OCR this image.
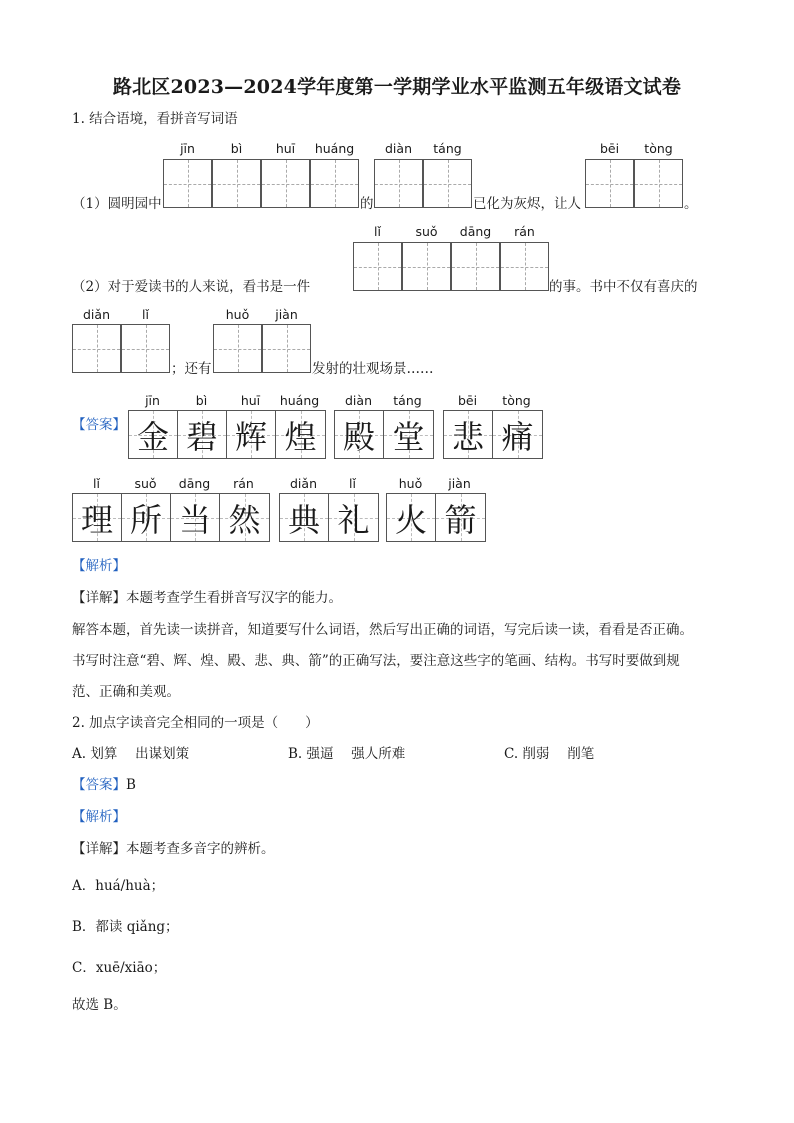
路北区2023—2024学年度第一学期学业水平监测五年级语文试卷
1. 结合语境，看拼音写词语
jīn	bì	huī	huáng	diàn	táng	bēi	tòng
（1）圆明园中	的	已化为灰烬，让人	。
lǐ	suǒ	dāng	rán
（2）对于爱读书的人来说，看书是一件	的事。书中不仅有喜庆的
diǎn	lǐ	huǒ	jiàn
；还有	发射的壮观场景……
【答案】
jīn	bì	huī	huáng	diàn	táng	bēi	tòng
金 碧 辉 煌 殿 堂 悲 痛
lǐ	suǒ	dāng	rán	diǎn	lǐ	huǒ	jiàn
理 所 当 然 典 礼 火 箭
【解析】
【详解】本题考查学生看拼音写汉字的能力。
解答本题，首先读一读拼音，知道要写什么词语，然后写出正确的词语，写完后读一读，看看是否正确。
书写时注意“碧、辉、煌、殿、悲、典、箭”的正确写法，要注意这些字的笔画、结构。书写时要做到规
范、正确和美观。
2. 加点字读音完全相同的一项是（　　）
A. 划算　 出谋划策	B. 强逼　 强人所难	C. 削弱　 削笔
【答案】B
【解析】
【详解】本题考查多音字的辨析。
A．huá/huà；
B．都读 qiǎng；
C．xuē/xiāo；
故选 B。
